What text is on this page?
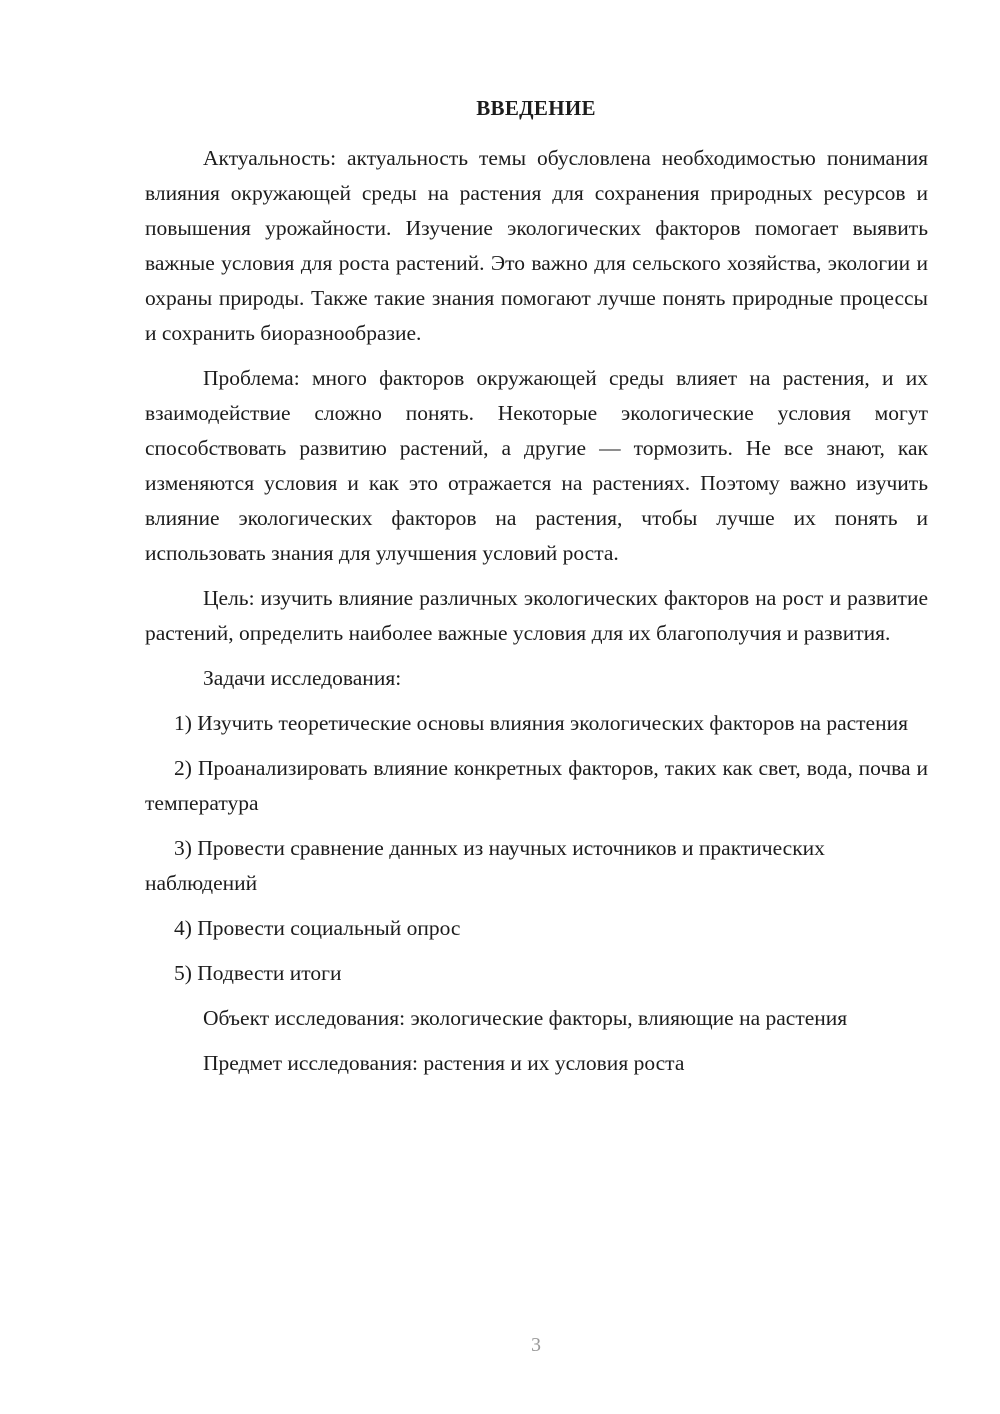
ВВЕДЕНИЕ

Актуальность: актуальность темы обусловлена необходимостью понимания влияния окружающей среды на растения для сохранения природных ресурсов и повышения урожайности. Изучение экологических факторов помогает выявить важные условия для роста растений. Это важно для сельского хозяйства, экологии и охраны природы. Также такие знания помогают лучше понять природные процессы и сохранить биоразнообразие.

Проблема: много факторов окружающей среды влияет на растения, и их взаимодействие сложно понять. Некоторые экологические условия могут способствовать развитию растений, а другие — тормозить. Не все знают, как изменяются условия и как это отражается на растениях. Поэтому важно изучить влияние экологических факторов на растения, чтобы лучше их понять и использовать знания для улучшения условий роста.

Цель: изучить влияние различных экологических факторов на рост и развитие растений, определить наиболее важные условия для их благополучия и развития.

Задачи исследования:

1) Изучить теоретические основы влияния экологических факторов на растения

2) Проанализировать влияние конкретных факторов, таких как свет, вода, почва и температура

3) Провести сравнение данных из научных источников и практических наблюдений

4) Провести социальный опрос

5) Подвести итоги

Объект исследования: экологические факторы, влияющие на растения

Предмет исследования: растения и их условия роста

3
